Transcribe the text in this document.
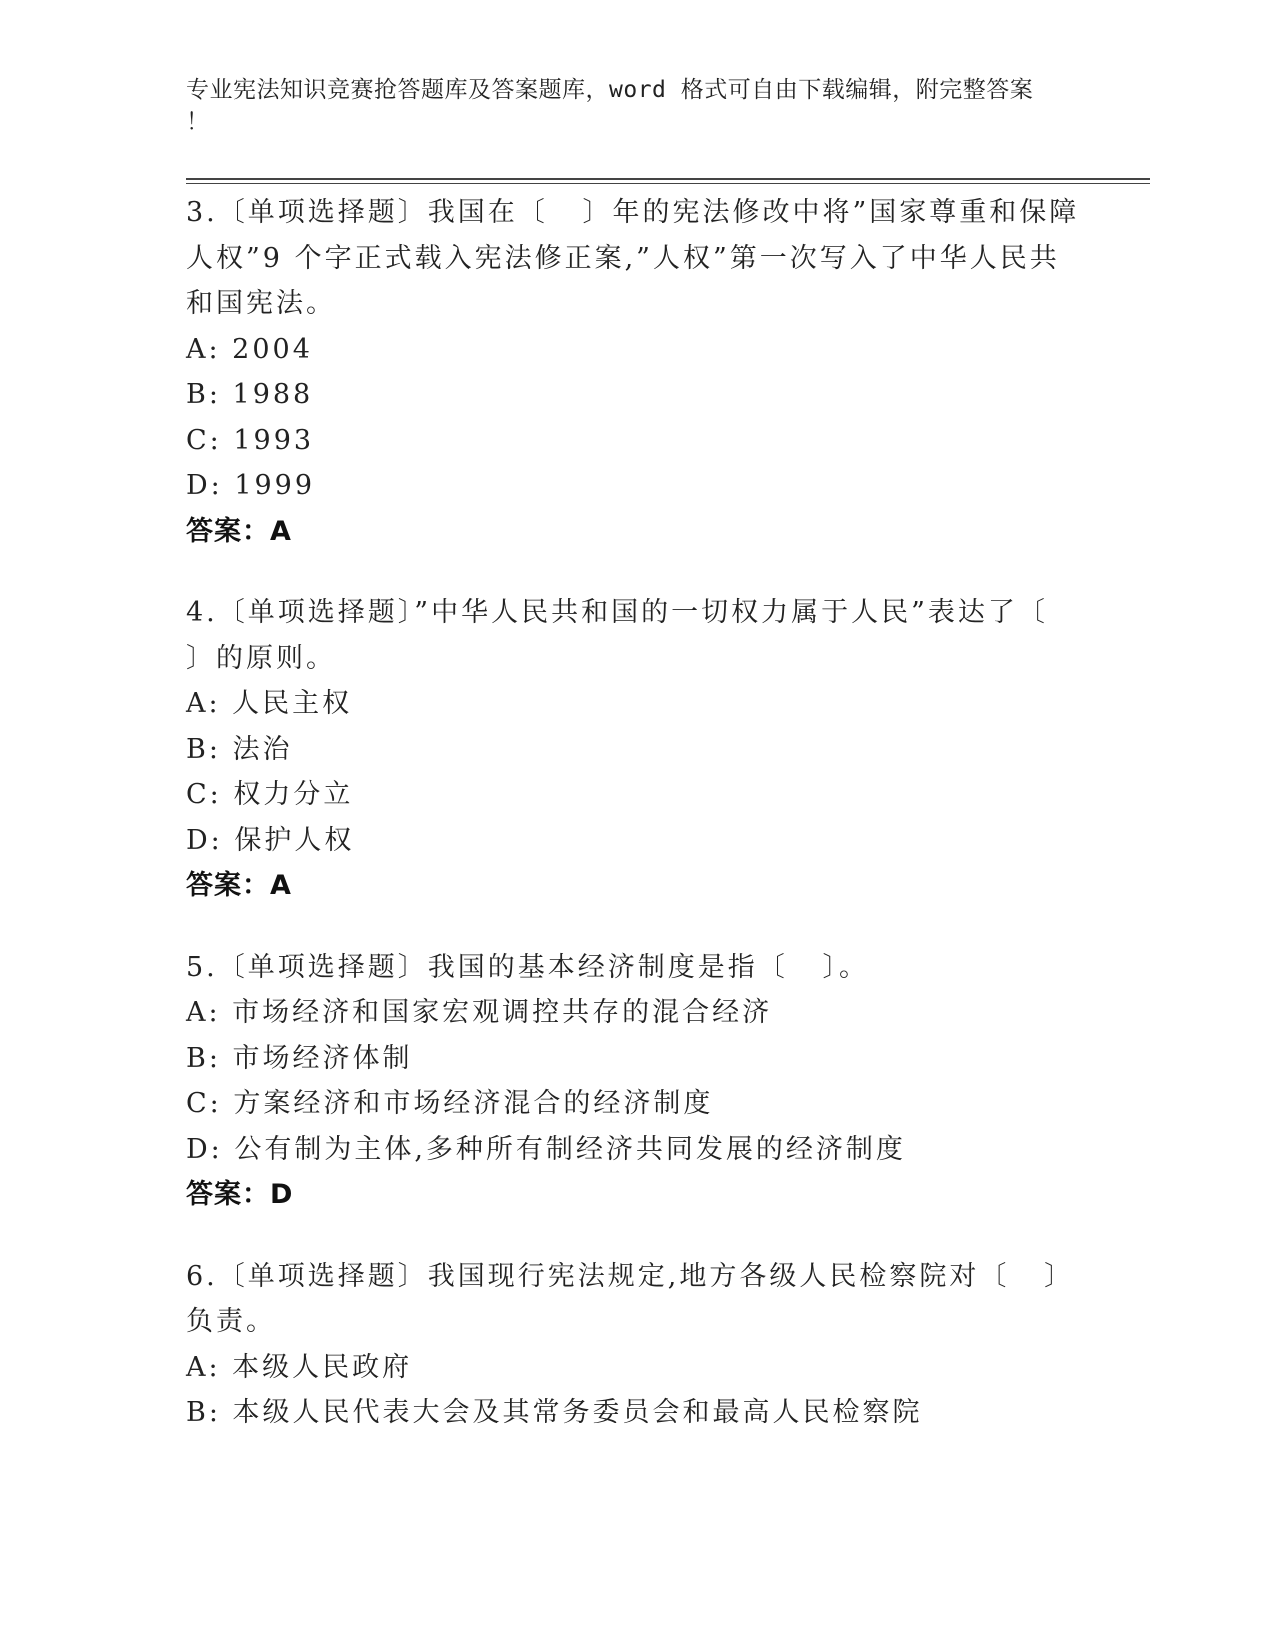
专业宪法知识竞赛抢答题库及答案题库，word 格式可自由下载编辑，附完整答案
！
3.〔单项选择题〕我国在〔   〕年的宪法修改中将”国家尊重和保障
人权”9 个字正式载入宪法修正案,”人权”第一次写入了中华人民共
和国宪法。
A: 2004
B: 1988
C: 1993
D: 1999
答案：A
4.〔单项选择题〕”中华人民共和国的一切权力属于人民”表达了〔
〕的原则。
A: 人民主权
B: 法治
C: 权力分立
D: 保护人权
答案：A
5.〔单项选择题〕我国的基本经济制度是指〔   〕。
A: 市场经济和国家宏观调控共存的混合经济
B: 市场经济体制
C: 方案经济和市场经济混合的经济制度
D: 公有制为主体,多种所有制经济共同发展的经济制度
答案：D
6.〔单项选择题〕我国现行宪法规定,地方各级人民检察院对〔   〕
负责。
A: 本级人民政府
B: 本级人民代表大会及其常务委员会和最高人民检察院
